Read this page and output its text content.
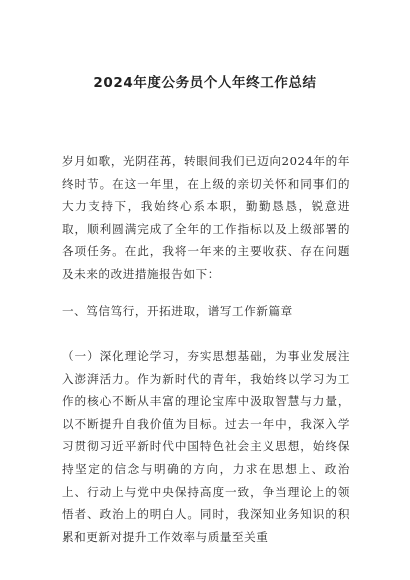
2024年度公务员个人年终工作总结
岁月如歌，光阴荏苒，转眼间我们已迈向2024年的年终时节。在这一年里，在上级的亲切关怀和同事们的大力支持下，我始终心系本职，勤勤恳恳，锐意进取，顺利圆满完成了全年的工作指标以及上级部署的各项任务。在此，我将一年来的主要收获、存在问题及未来的改进措施报告如下：
一、笃信笃行，开拓进取，谱写工作新篇章
（一）深化理论学习，夯实思想基础，为事业发展注入澎湃活力。作为新时代的青年，我始终以学习为工作的核心不断从丰富的理论宝库中汲取智慧与力量，以不断提升自我价值为目标。过去一年中，我深入学习贯彻习近平新时代中国特色社会主义思想，始终保持坚定的信念与明确的方向，力求在思想上、政治上、行动上与党中央保持高度一致，争当理论上的领悟者、政治上的明白人。同时，我深知业务知识的积累和更新对提升工作效率与质量至关重
